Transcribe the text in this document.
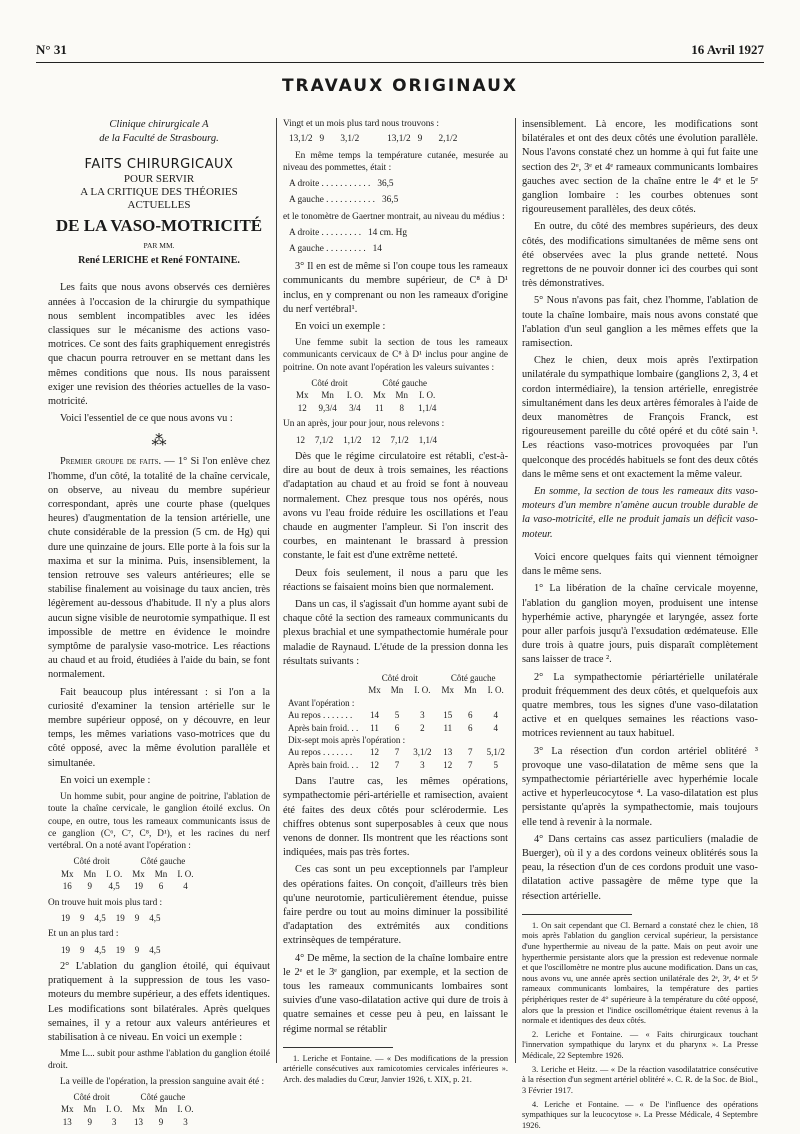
N° 31	16 Avril 1927
TRAVAUX ORIGINAUX
Clinique chirurgicale A
de la Faculté de Strasbourg.
FAITS CHIRURGICAUX
POUR SERVIR
A LA CRITIQUE DES THÉORIES ACTUELLES
DE LA VASO-MOTRICITÉ
PAR MM.
René LERICHE et René FONTAINE.

Les faits que nous avons observés ces dernières années à l'occasion de la chirurgie du sympathique nous semblent incompatibles avec les idées classiques sur le mécanisme des actions vaso-motrices. Ce sont des faits graphiquement enregistrés que chacun pourra retrouver en se mettant dans les mêmes conditions que nous. Ils nous paraissent exiger une revision des théories actuelles de la vaso-motricité.

Voici l'essentiel de ce que nous avons vu :

⁂

Premier groupe de faits. — 1° Si l'on enlève chez l'homme, d'un côté, la totalité de la chaîne cervicale, on observe, au niveau du membre supérieur correspondant, après une courte phase (quelques heures) d'augmentation de la tension artérielle, une chute considérable de la pression (5 cm. de Hg) qui dure une quinzaine de jours. Elle porte à la fois sur la maxima et sur la minima. Puis, insensiblement, la tension retrouve ses valeurs antérieures; elle se stabilise finalement au voisinage du taux ancien, très légèrement au-dessous d'habitude. Il n'y a plus alors aucun signe visible de neurotomie sympathique. Il est impossible de mettre en évidence le moindre symptôme de paralysie vaso-motrice. Les réactions au chaud et au froid, étudiées à l'aide du bain, se font normalement.

Fait beaucoup plus intéressant : si l'on a la curiosité d'examiner la tension artérielle sur le membre supérieur opposé, on y découvre, en leur temps, les mêmes variations vaso-motrices que du côté opposé, avec la même évolution parallèle et simultanée.

En voici un exemple :

Un homme subit, pour angine de poitrine, l'ablation de toute la chaîne cervicale, le ganglion étoilé exclus. On coupe, en outre, tous les rameaux communicants issus de ce ganglion (C⁶, C⁷, C⁸, D¹), et les racines du nerf vertébral. On a noté avant l'opération :

Côté droit			Côté gauche		
Mx	Mn	I. O.	Mx	Mn	I. O.
16	9	4,5	19	6	4

On trouve huit mois plus tard :

19	9	4,5	19	9	4,5

Et un an plus tard :

19	9	4,5	19	9	4,5

2° L'ablation du ganglion étoilé, qui équivaut pratiquement à la suppression de tous les vaso-moteurs du membre supérieur, a des effets identiques. Les modifications sont bilatérales. Après quelques semaines, il y a retour aux valeurs antérieures et stabilisation à ce niveau. En voici un exemple :

Mme L... subit pour asthme l'ablation du ganglion étoilé droit.

La veille de l'opération, la pression sanguine avait été :

Côté droit			Côté gauche		
Mx	Mn	I. O.	Mx	Mn	I. O.
13	9	3	13	9	3

Vingt et un mois plus tard nous trouvons :

13,1/2   9       3,1/2            13,1/2   9       2,1/2

En même temps la température cutanée, mesurée au niveau des pommettes, était :

A droite . . . . . . . . . . .   36,5
A gauche . . . . . . . . . . .   36,5

et le tonomètre de Gaertner montrait, au niveau du médius :

A droite . . . . . . . . .   14 cm. Hg
A gauche . . . . . . . . .   14

3° Il en est de même si l'on coupe tous les rameaux communicants du membre supérieur, de C⁸ à D¹ inclus, en y comprenant ou non les rameaux d'origine du nerf vertébral¹.

En voici un exemple :

Une femme subit la section de tous les rameaux communicants cervicaux de C⁸ à D¹ inclus pour angine de poitrine. On note avant l'opération les valeurs suivantes :

Côté droit			Côté gauche		
Mx	Mn	I. O.	Mx	Mn	I. O.
12	9,3/4	3/4	11	8	1,1/4

Un an après, jour pour jour, nous relevons :

12	7,1/2	1,1/2	12	7,1/2	1,1/4

Dès que le régime circulatoire est rétabli, c'est-à-dire au bout de deux à trois semaines, les réactions d'adaptation au chaud et au froid se font à nouveau normalement. Chez presque tous nos opérés, nous avons vu l'eau froide réduire les oscillations et l'eau chaude en augmenter l'ampleur. Si l'on inscrit des courbes, en maintenant le brassard à pression constante, le fait est d'une extrême netteté.

Deux fois seulement, il nous a paru que les réactions se faisaient moins bien que normalement.

Dans un cas, il s'agissait d'un homme ayant subi de chaque côté la section des rameaux communicants du plexus brachial et une sympathectomie humérale pour maladie de Raynaud. L'étude de la pression donna les résultats suivants :

	Côté droit			Côté gauche		
	Mx	Mn	I. O.	Mx	Mn	I. O.
Avant l'opération :						
Au repos . . . . . . .	14	5	3	15	6	4
Après bain froid. . .	11	6	2	11	6	4
Dix-sept mois après l'opération :						
Au repos . . . . . . .	12	7	3,1/2	13	7	5,1/2
Après bain froid. . .	12	7	3	12	7	5

Dans l'autre cas, les mêmes opérations, sympathectomie péri-artérielle et ramisection, avaient été faites des deux côtés pour sclérodermie. Les chiffres obtenus sont superposables à ceux que nous venons de donner. Ils montrent que les réactions sont indiquées, mais pas très fortes.

Ces cas sont un peu exceptionnels par l'ampleur des opérations faites. On conçoit, d'ailleurs très bien qu'une neurotomie, particulièrement étendue, puisse faire perdre ou tout au moins diminuer la possibilité d'adaptation des extrémités aux conditions extrinsèques de température.

4° De même, la section de la chaîne lombaire entre le 2ᵉ et le 3ᵉ ganglion, par exemple, et la section de tous les rameaux communicants lombaires sont suivies d'une vaso-dilatation active qui dure de trois à quatre semaines et cesse peu à peu, en laissant le régime normal se rétablir

1. Leriche et Fontaine. — « Des modifications de la pression artérielle consécutives aux ramicotomies cervicales inférieures ». Arch. des maladies du Cœur, Janvier 1926, t. XIX, p. 21.

insensiblement. Là encore, les modifications sont bilatérales et ont des deux côtés une évolution parallèle. Nous l'avons constaté chez un homme à qui fut faite une section des 2ᵉ, 3ᵉ et 4ᵉ rameaux communicants lombaires gauches avec section de la chaîne entre le 4ᵉ et le 5ᵉ ganglion lombaire : les courbes obtenues sont rigoureusement parallèles, des deux côtés.

En outre, du côté des membres supérieurs, des deux côtés, des modifications simultanées de même sens ont été observées avec la plus grande netteté. Nous regrettons de ne pouvoir donner ici des courbes qui sont très démonstratives.

5° Nous n'avons pas fait, chez l'homme, l'ablation de toute la chaîne lombaire, mais nous avons constaté que l'ablation d'un seul ganglion a les mêmes effets que la ramisection.

Chez le chien, deux mois après l'extirpation unilatérale du sympathique lombaire (ganglions 2, 3, 4 et cordon intermédiaire), la tension artérielle, enregistrée simultanément dans les deux artères fémorales à l'aide de deux manomètres de François Franck, est rigoureusement pareille du côté opéré et du côté sain ¹. Les réactions vaso-motrices provoquées par l'un quelconque des procédés habituels se font des deux côtés dans le même sens et ont exactement la même valeur.

En somme, la section de tous les rameaux dits vaso-moteurs d'un membre n'amène aucun trouble durable de la vaso-motricité, elle ne produit jamais un déficit vaso-moteur.

Voici encore quelques faits qui viennent témoigner dans le même sens.

1° La libération de la chaîne cervicale moyenne, l'ablation du ganglion moyen, produisent une intense hyperhémie active, pharyngée et laryngée, assez forte pour aller parfois jusqu'à l'exsudation œdémateuse. Elle dure trois à quatre jours, puis disparaît complètement sans laisser de trace ².

2° La sympathectomie périartérielle unilatérale produit fréquemment des deux côtés, et quelquefois aux quatre membres, tous les signes d'une vaso-dilatation active et en quelques semaines les réactions vaso-motrices reviennent au taux habituel.

3° La résection d'un cordon artériel oblitéré ³ provoque une vaso-dilatation de même sens que la sympathectomie périartérielle avec hyperhémie locale active et hyperleucocytose ⁴. La vaso-dilatation est plus persistante qu'après la sympathectomie, mais toujours elle tend à revenir à la normale.

4° Dans certains cas assez particuliers (maladie de Buerger), où il y a des cordons veineux oblitérés sous la peau, la résection d'un de ces cordons produit une vaso-dilatation active passagère de même type que la résection artérielle.

1. On sait cependant que Cl. Bernard a constaté chez le chien, 18 mois après l'ablation du ganglion cervical supérieur, la persistance d'une hyperthermie au niveau de la patte. Mais on peut avoir une hyperthermie persistante alors que la pression est redevenue normale et que l'oscillomètre ne montre plus aucune modification. Dans un cas, nous avons vu, une année après section unilatérale des 2ᵉ, 3ᵉ, 4ᵉ et 5ᵉ rameaux communicants lombaires, la température des parties périphériques rester de 4° supérieure à la température du côté opposé, alors que la pression et l'indice oscillométrique étaient revenus à la normale et identiques des deux côtés.

2. Leriche et Fontaine. — « Faits chirurgicaux touchant l'innervation sympathique du larynx et du pharynx ». La Presse Médicale, 22 Septembre 1926.

3. Leriche et Heitz. — « De la réaction vasodilatatrice consécutive à la résection d'un segment artériel oblitéré ». C. R. de la Soc. de Biol., 3 Février 1917.

4. Leriche et Fontaine. — « De l'influence des opérations sympathiques sur la leucocytose ». La Presse Médicale, 4 Septembre 1926.
